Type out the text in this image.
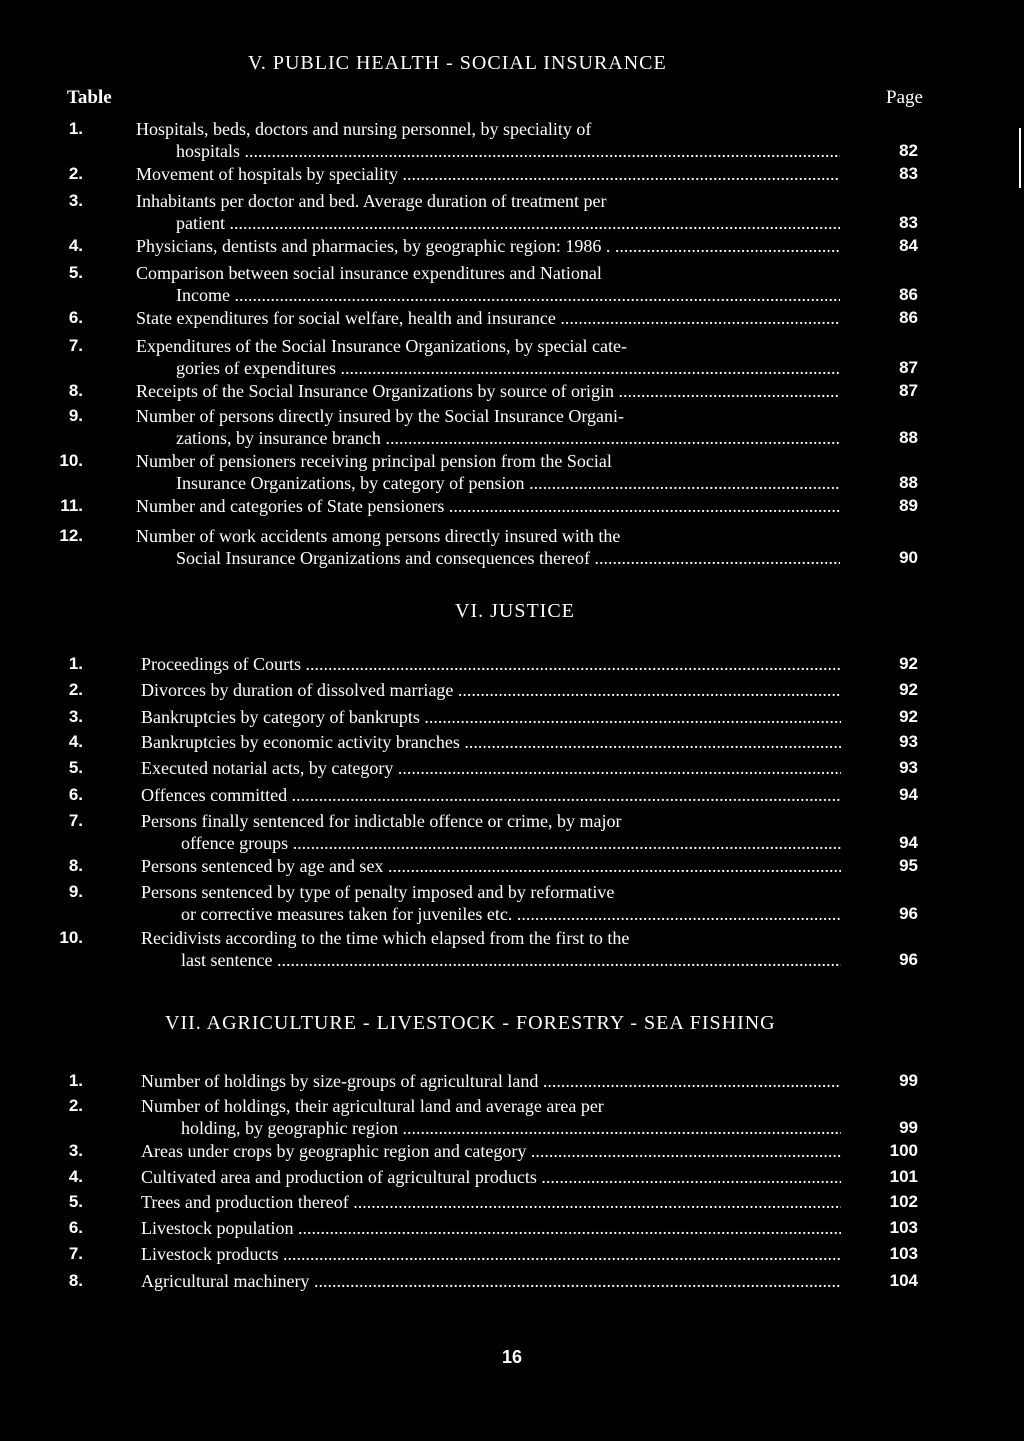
V. PUBLIC HEALTH - SOCIAL INSURANCE
Table	Page
1.	Hospitals, beds, doctors and nursing personnel, by speciality of
hospitals .....	82
2.	Movement of hospitals by speciality .....	83
3.	Inhabitants per doctor and bed. Average duration of treatment per
patient .....	83
4.	Physicians, dentists and pharmacies, by geographic region: 1986 . .....	84
5.	Comparison between social insurance expenditures and National
Income .....	86
6.	State expenditures for social welfare, health and insurance .....	86
7.	Expenditures of the Social Insurance Organizations, by special cate-
gories of expenditures .....	87
8.	Receipts of the Social Insurance Organizations by source of origin .....	87
9.	Number of persons directly insured by the Social Insurance Organi-
zations, by insurance branch .....	88
10.	Number of pensioners receiving principal pension from the Social
Insurance Organizations, by category of pension .....	88
11.	Number and categories of State pensioners .....	89
12.	Number of work accidents among persons directly insured with the
Social Insurance Organizations and consequences thereof .....	90
VI. JUSTICE
1.	Proceedings of Courts .....	92
2.	Divorces by duration of dissolved marriage .....	92
3.	Bankruptcies by category of bankrupts .....	92
4.	Bankruptcies by economic activity branches .....	93
5.	Executed notarial acts, by category .....	93
6.	Offences committed .....	94
7.	Persons finally sentenced for indictable offence or crime, by major
offence groups .....	94
8.	Persons sentenced by age and sex .....	95
9.	Persons sentenced by type of penalty imposed and by reformative
or corrective measures taken for juveniles etc. .....	96
10.	Recidivists according to the time which elapsed from the first to the
last sentence .....	96
VII. AGRICULTURE - LIVESTOCK - FORESTRY - SEA FISHING
1.	Number of holdings by size-groups of agricultural land .....	99
2.	Number of holdings, their agricultural land and average area per
holding, by geographic region .....	99
3.	Areas under crops by geographic region and category .....	100
4.	Cultivated area and production of agricultural products .....	101
5.	Trees and production thereof .....	102
6.	Livestock population .....	103
7.	Livestock products .....	103
8.	Agricultural machinery .....	104
16
